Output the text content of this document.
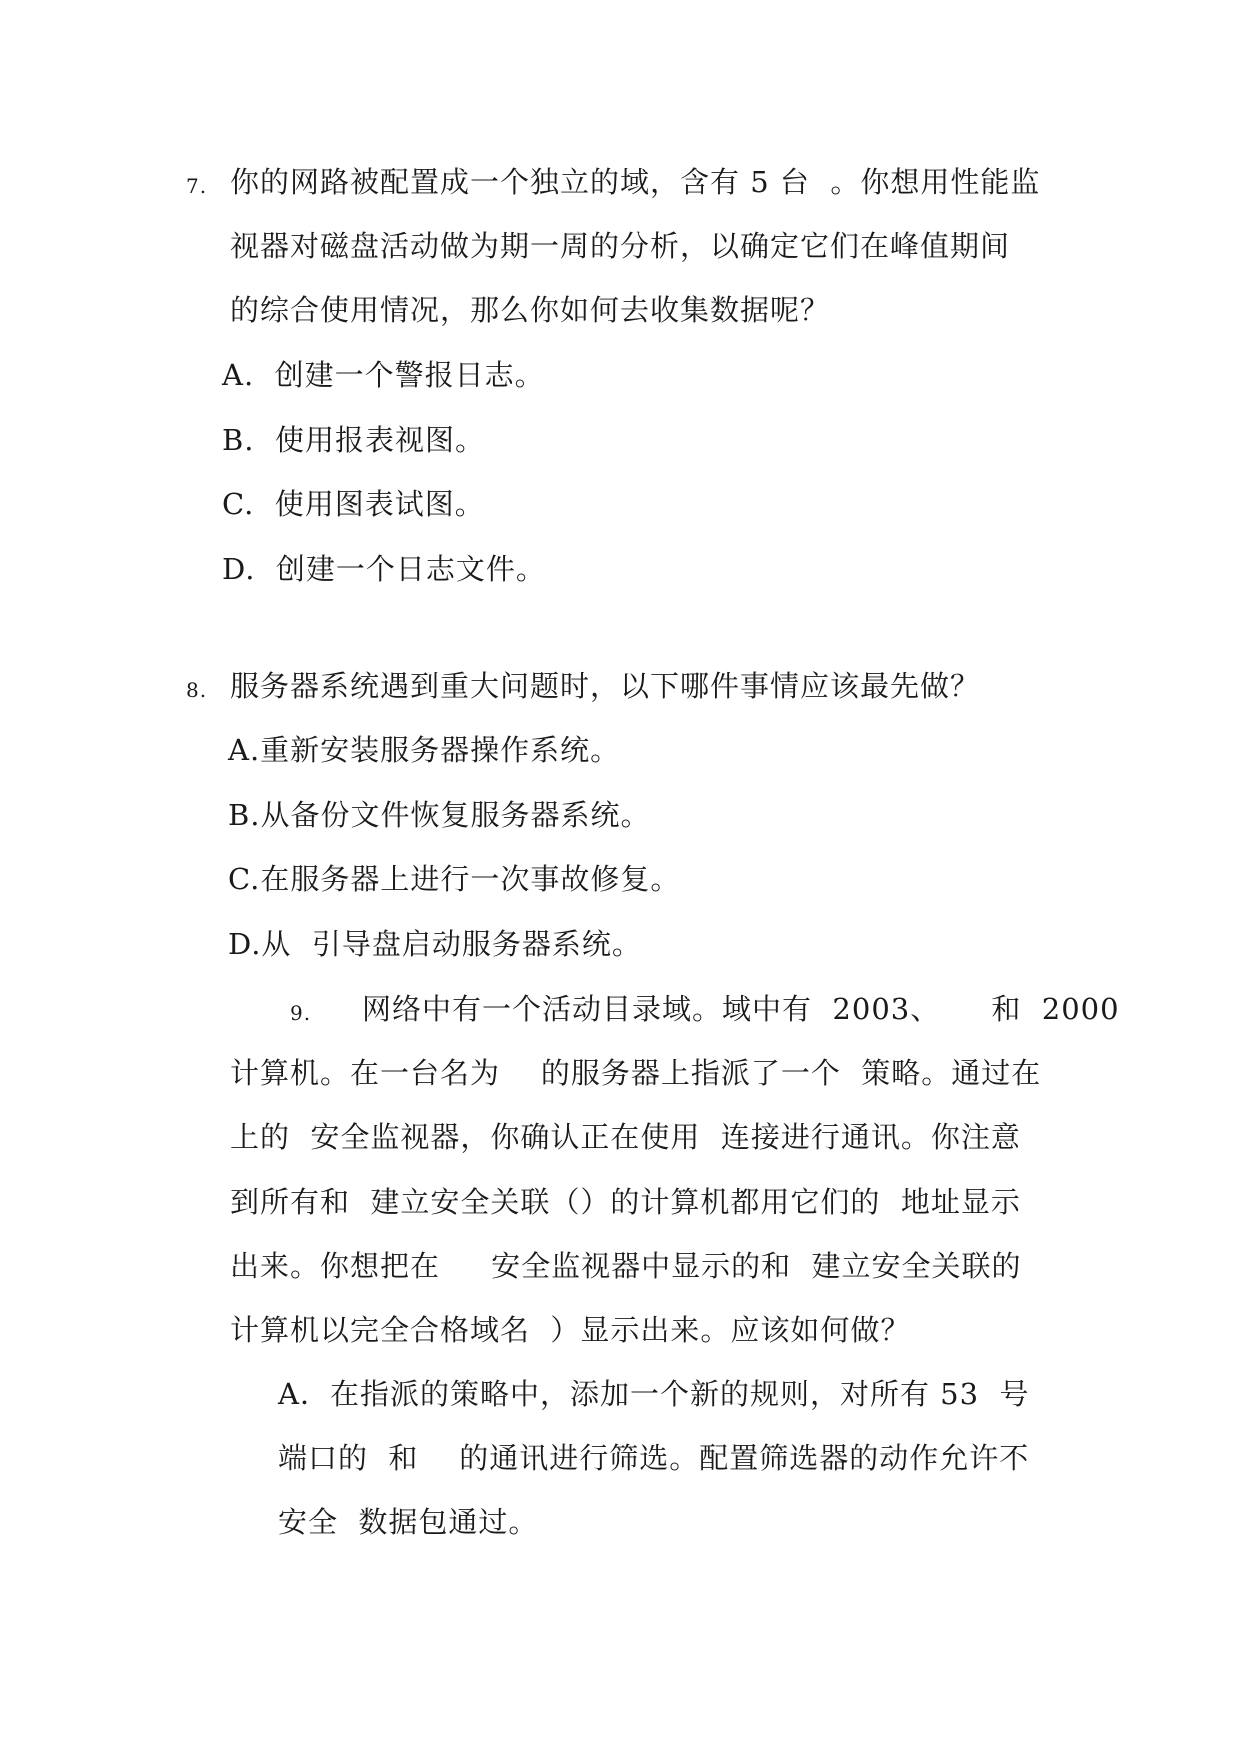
7. 你的网路被配置成一个独立的域，含有 5 台  。你想用性能监
视器对磁盘活动做为期一周的分析，以确定它们在峰值期间
的综合使用情况，那么你如何去收集数据呢？
A.  创建一个警报日志。
B.  使用报表视图。
C.  使用图表试图。
D.  创建一个日志文件。
8. 服务器系统遇到重大问题时，以下哪件事情应该最先做？
A.重新安装服务器操作系统。
B.从备份文件恢复服务器系统。
C.在服务器上进行一次事故修复。
D.从  引导盘启动服务器系统。
9. 网络中有一个活动目录域。域中有  2003、     和  2000
计算机。在一台名为    的服务器上指派了一个  策略。通过在
上的  安全监视器，你确认正在使用  连接进行通讯。你注意
到所有和  建立安全关联（）的计算机都用它们的  地址显示
出来。你想把在     安全监视器中显示的和  建立安全关联的
计算机以完全合格域名  ）显示出来。应该如何做？
A．在指派的策略中，添加一个新的规则，对所有 53  号
端口的  和    的通讯进行筛选。配置筛选器的动作允许不
安全  数据包通过。
